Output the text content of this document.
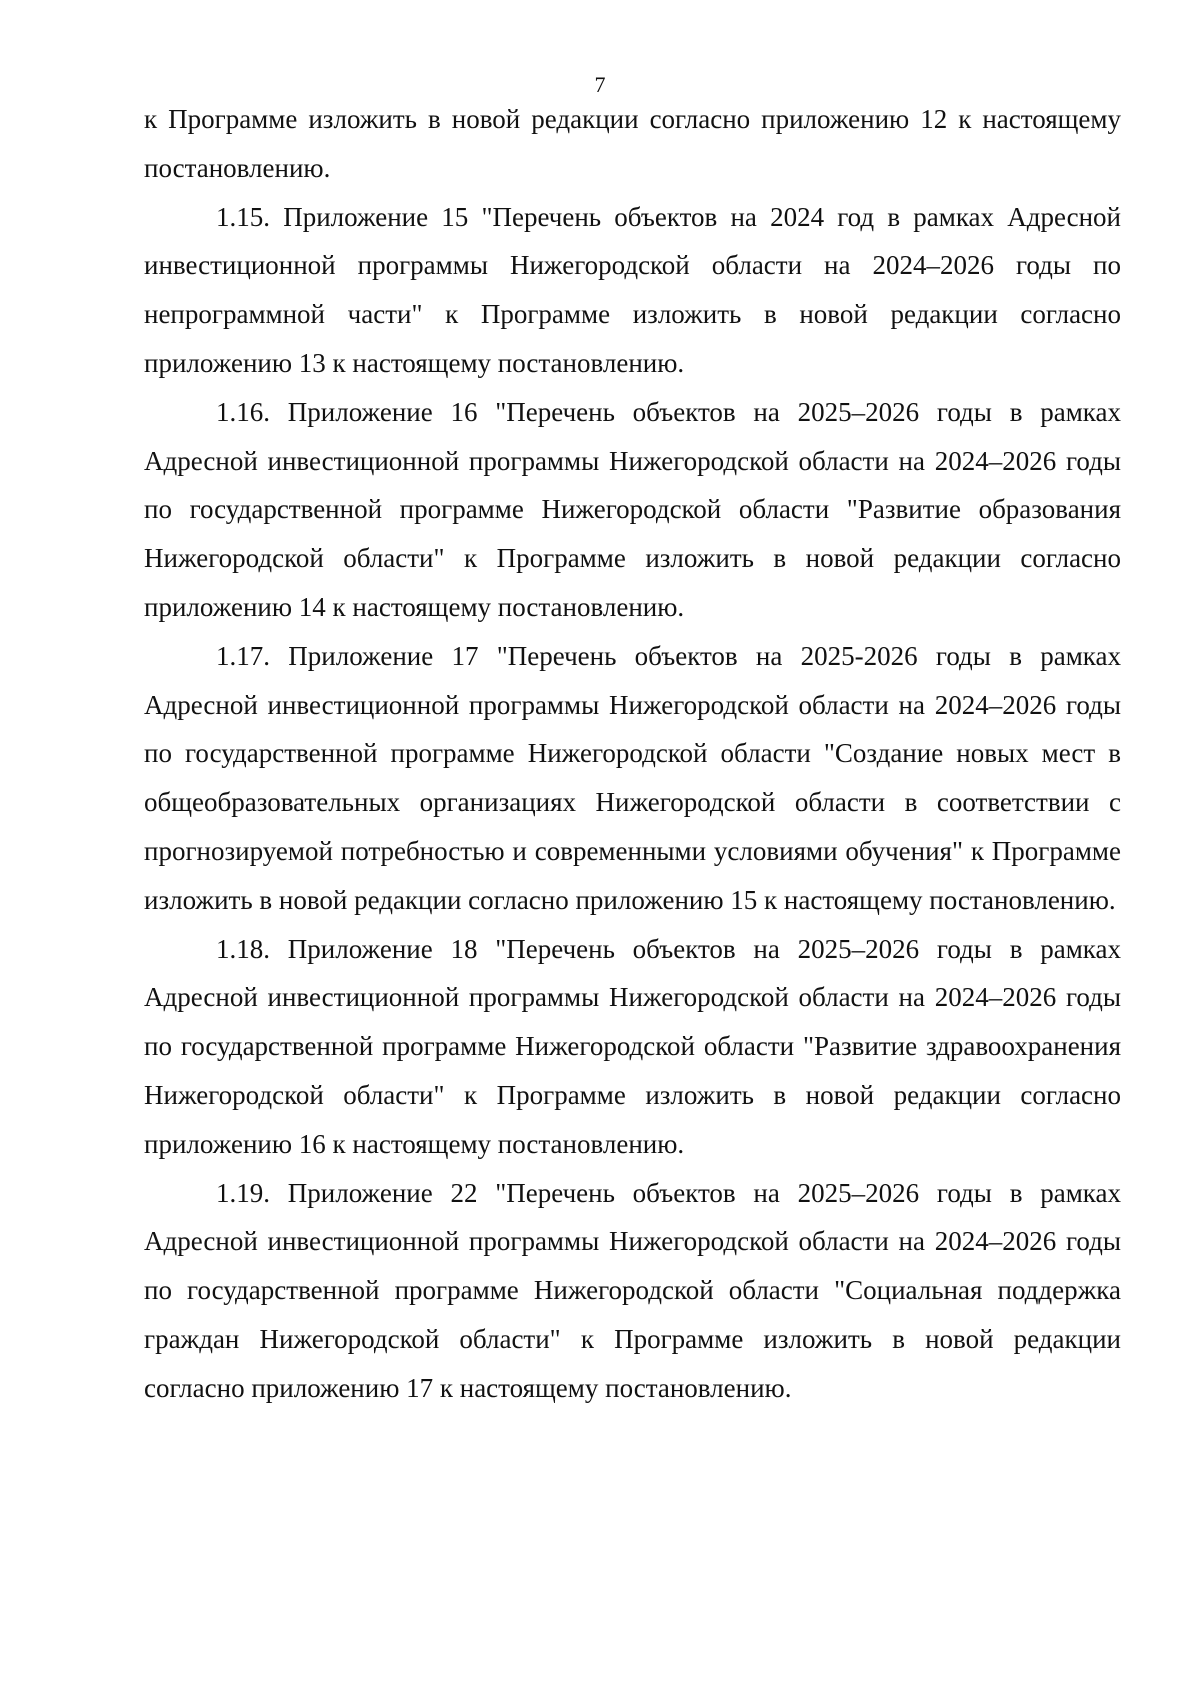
7

к Программе изложить в новой редакции согласно приложению 12 к настоящему постановлению.

1.15. Приложение 15 "Перечень объектов на 2024 год в рамках Адресной инвестиционной программы Нижегородской области на 2024–2026 годы по непрограммной части" к Программе изложить в новой редакции согласно приложению 13 к настоящему постановлению.

1.16. Приложение 16 "Перечень объектов на 2025–2026 годы в рамках Адресной инвестиционной программы Нижегородской области на 2024–2026 годы по государственной программе Нижегородской области "Развитие образования Нижегородской области" к Программе изложить в новой редакции согласно приложению 14 к настоящему постановлению.

1.17. Приложение 17 "Перечень объектов на 2025-2026 годы в рамках Адресной инвестиционной программы Нижегородской области на 2024–2026 годы по государственной программе Нижегородской области "Создание новых мест в общеобразовательных организациях Нижегородской области в соответствии с прогнозируемой потребностью и современными условиями обучения" к Программе изложить в новой редакции согласно приложению 15 к настоящему постановлению.

1.18. Приложение 18 "Перечень объектов на 2025–2026 годы в рамках Адресной инвестиционной программы Нижегородской области на 2024–2026 годы по государственной программе Нижегородской области "Развитие здравоохранения Нижегородской области" к Программе изложить в новой редакции согласно приложению 16 к настоящему постановлению.

1.19. Приложение 22 "Перечень объектов на 2025–2026 годы в рамках Адресной инвестиционной программы Нижегородской области на 2024–2026 годы по государственной программе Нижегородской области "Социальная поддержка граждан Нижегородской области" к Программе изложить в новой редакции согласно приложению 17 к настоящему постановлению.
